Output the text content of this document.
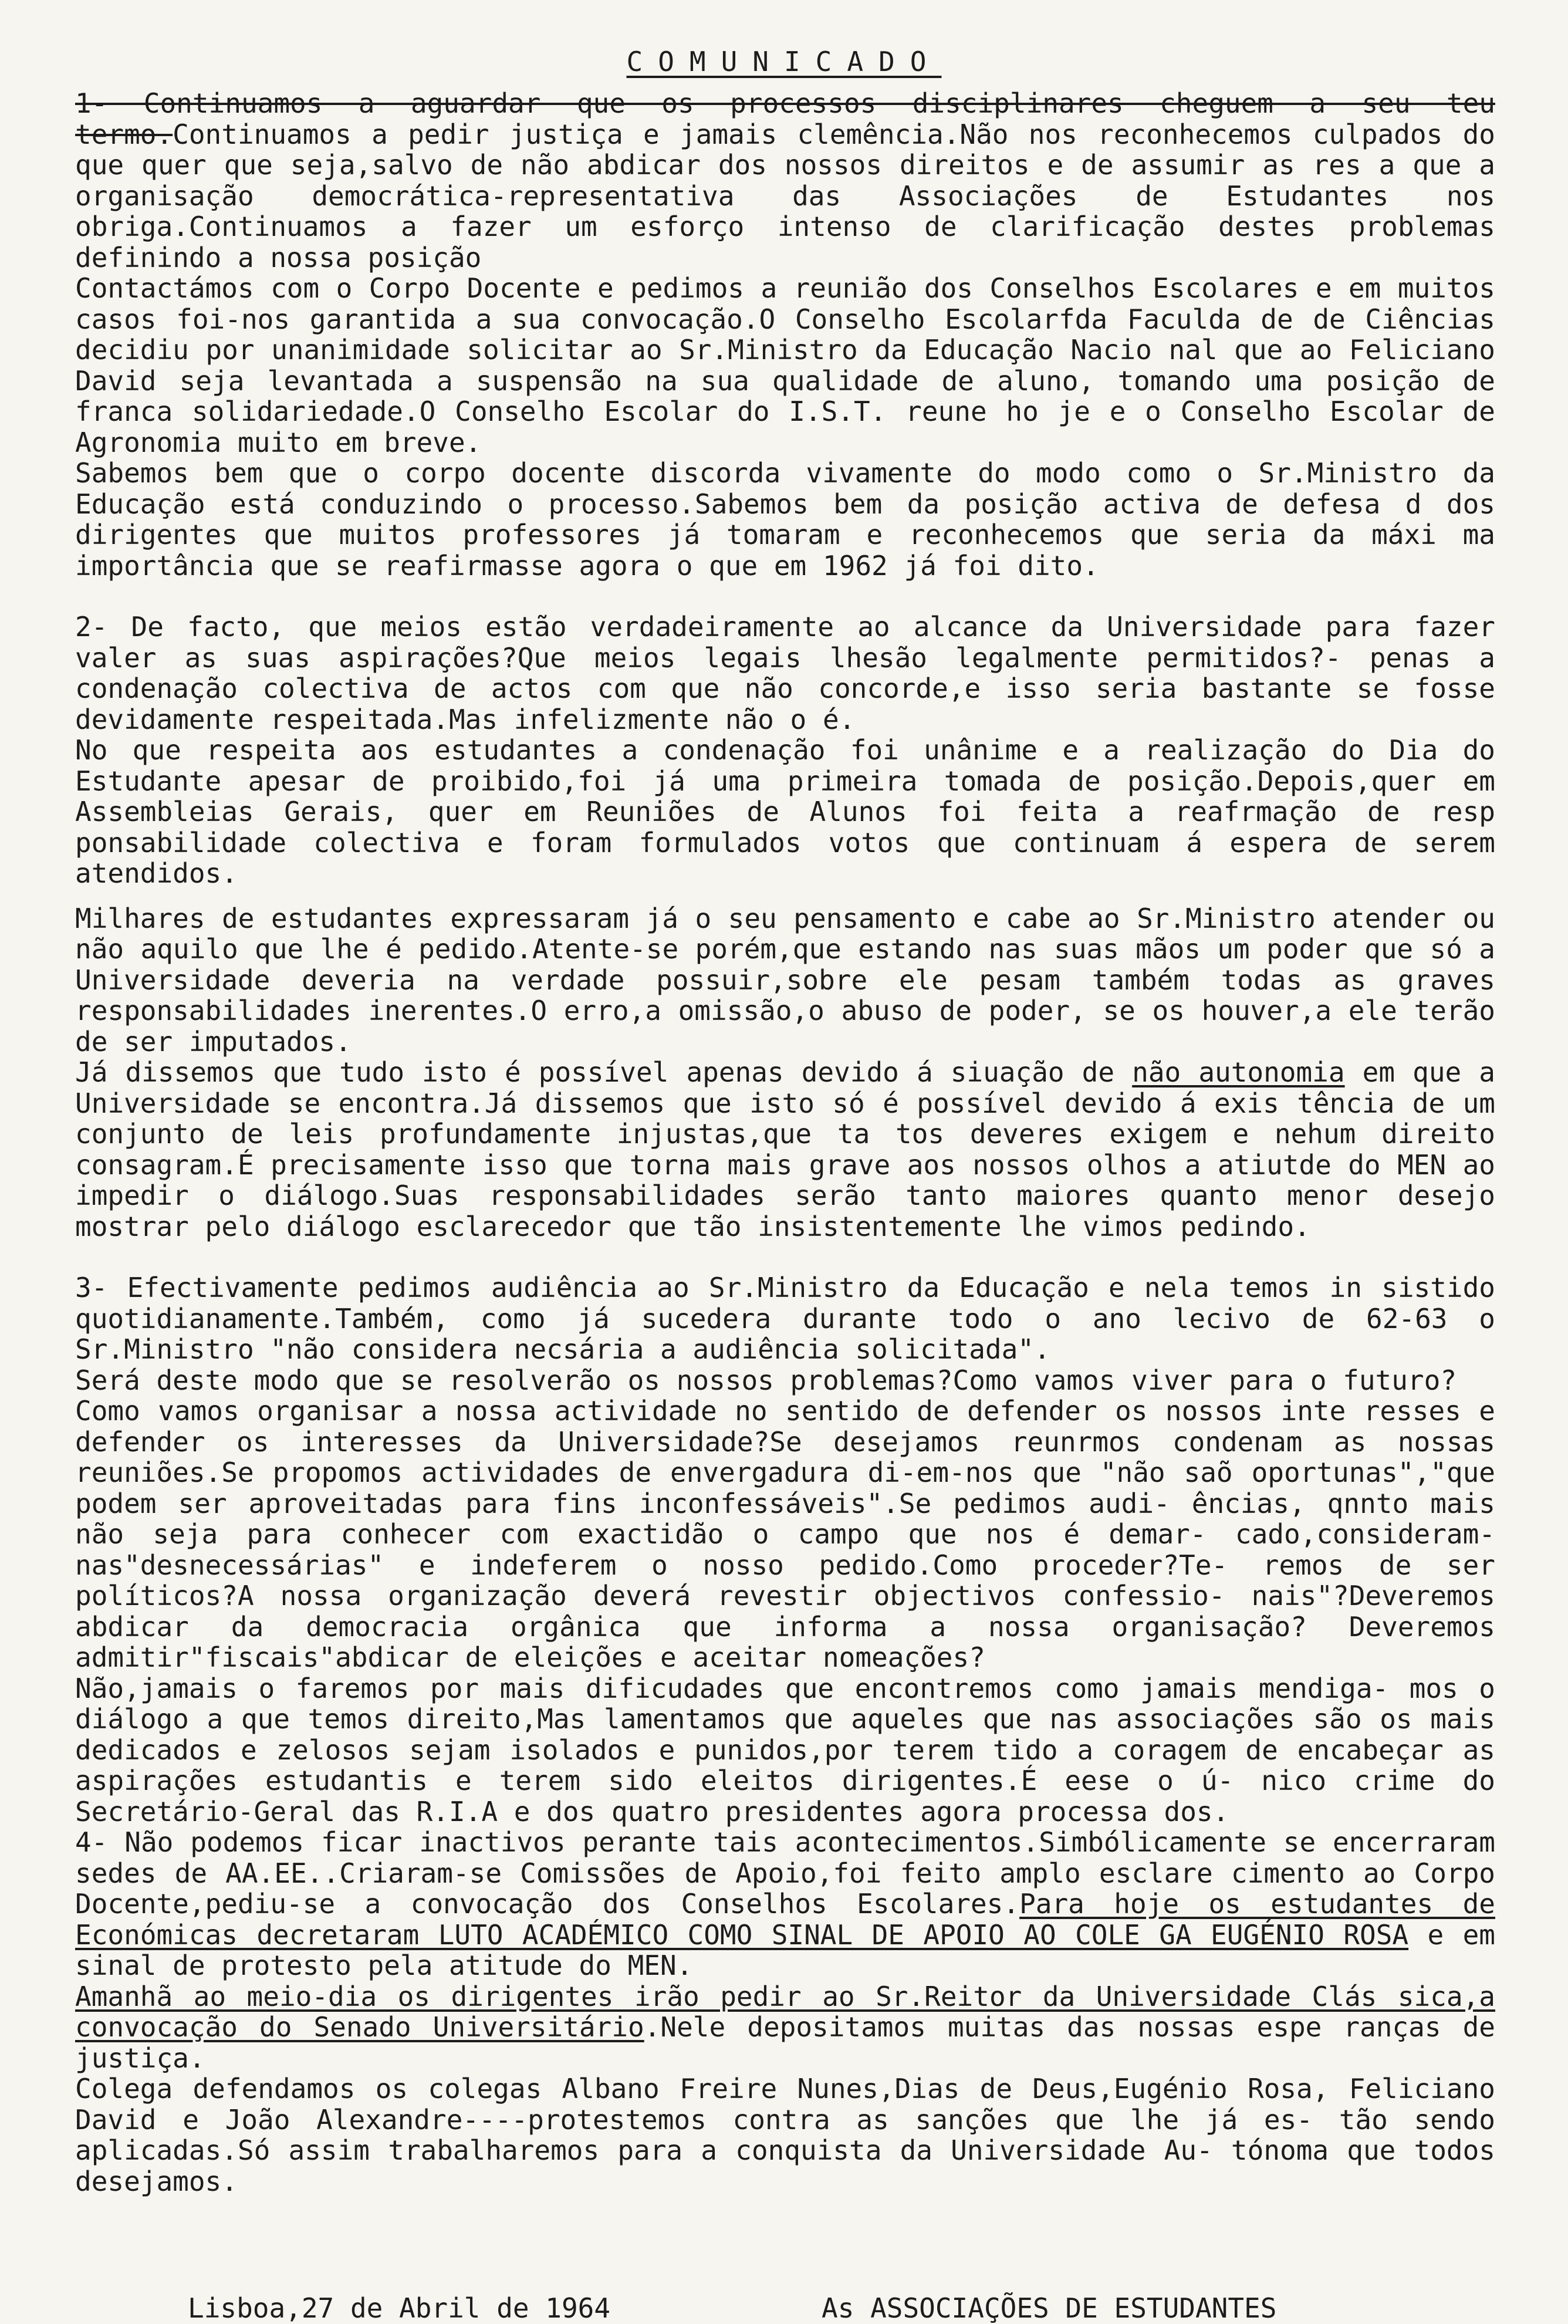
COMUNICADO

1- Continuamos a aguardar que os processos disciplinares cheguem a seu teu termo.Continuamos a pedir justiça e jamais clemência.Não nos reconhecemos culpados do que quer que seja,salvo de não abdicar dos nossos direitos e de assumir as res a que a organisação democrática-representativa das Associações de Estudantes nos obriga.Continuamos a fazer um esforço intenso de clarificação destes problemas definindo a nossa posição

Contactámos com o Corpo Docente e pedimos a reunião dos Conselhos Escolares e em muitos casos foi-nos garantida a sua convocação.O Conselho Escolarfda Faculda de de Ciências decidiu por unanimidade solicitar ao Sr.Ministro da Educação Nacio nal que ao Feliciano David seja levantada a suspensão na sua qualidade de aluno, tomando uma posição de franca solidariedade.O Conselho Escolar do I.S.T. reune ho je e o Conselho Escolar de Agronomia muito em breve.

Sabemos bem que o corpo docente discorda vivamente do modo como o Sr.Ministro da Educação está conduzindo o processo.Sabemos bem da posição activa de defesa d dos dirigentes que muitos professores já tomaram e reconhecemos que seria da máxi ma importância que se reafirmasse agora o que em 1962 já foi dito.

2- De facto, que meios estão verdadeiramente ao alcance da Universidade para fazer valer as suas aspirações?Que meios legais lhesão legalmente permitidos?- penas a condenação colectiva de actos com que não concorde,e isso seria bastante se fosse devidamente respeitada.Mas infelizmente não o é.

No que respeita aos estudantes a condenação foi unânime e a realização do Dia do Estudante apesar de proibido,foi já uma primeira tomada de posição.Depois,quer em Assembleias Gerais, quer em Reuniões de Alunos foi feita a reafrmação de resp ponsabilidade colectiva e foram formulados votos que continuam á espera de serem atendidos.

Milhares de estudantes expressaram já o seu pensamento e cabe ao Sr.Ministro atender ou não aquilo que lhe é pedido.Atente-se porém,que estando nas suas mãos um poder que só a Universidade deveria na verdade possuir,sobre ele pesam também todas as graves responsabilidades inerentes.O erro,a omissão,o abuso de poder, se os houver,a ele terão de ser imputados.

Já dissemos que tudo isto é possível apenas devido á siuação de não autonomia em que a Universidade se encontra.Já dissemos que isto só é possível devido á exis tência de um conjunto de leis profundamente injustas,que ta tos deveres exigem e nehum direito consagram.É precisamente isso que torna mais grave aos nossos olhos a atiutde do MEN ao impedir o diálogo.Suas responsabilidades serão tanto maiores quanto menor desejo mostrar pelo diálogo esclarecedor que tão insistentemente lhe vimos pedindo.

3- Efectivamente pedimos audiência ao Sr.Ministro da Educação e nela temos in sistido quotidianamente.Também, como já sucedera durante todo o ano lecivo de 62-63 o Sr.Ministro "não considera necsária a audiência solicitada".

Será deste modo que se resolverão os nossos problemas?Como vamos viver para o futuro?

Como vamos organisar a nossa actividade no sentido de defender os nossos inte resses e defender os interesses da Universidade?Se desejamos reunrmos condenam as nossas reuniões.Se propomos actividades de envergadura di-em-nos que "não saõ oportunas","que podem ser aproveitadas para fins inconfessáveis".Se pedimos audi- ências, qnnto mais não seja para conhecer com exactidão o campo que nos é demar- cado,consideram-nas"desnecessárias" e indeferem o nosso pedido.Como proceder?Te- remos de ser políticos?A nossa organização deverá revestir objectivos confessio- nais"?Deveremos abdicar da democracia orgânica que informa a nossa organisação? Deveremos admitir"fiscais"abdicar de eleições e aceitar nomeações?

Não,jamais o faremos por mais dificudades que encontremos como jamais mendiga- mos o diálogo a que temos direito,Mas lamentamos que aqueles que nas associações são os mais dedicados e zelosos sejam isolados e punidos,por terem tido a coragem de encabeçar as aspirações estudantis e terem sido eleitos dirigentes.É eese o ú- nico crime do Secretário-Geral das R.I.A e dos quatro presidentes agora processa dos.

4- Não podemos ficar inactivos perante tais acontecimentos.Simbólicamente se encerraram sedes de AA.EE..Criaram-se Comissões de Apoio,foi feito amplo esclare cimento ao Corpo Docente,pediu-se a convocação dos Conselhos Escolares.Para hoje os estudantes de Económicas decretaram LUTO ACADÉMICO COMO SINAL DE APOIO AO COLE GA EUGÉNIO ROSA e em sinal de protesto pela atitude do MEN.

Amanhã ao meio-dia os dirigentes irão pedir ao Sr.Reitor da Universidade Clás sica,a convocação do Senado Universitário.Nele depositamos muitas das nossas espe ranças de justiça.

Colega defendamos os colegas Albano Freire Nunes,Dias de Deus,Eugénio Rosa, Feliciano David e João Alexandre----protestemos contra as sanções que lhe já es- tão sendo aplicadas.Só assim trabalharemos para a conquista da Universidade Au- tónoma que todos desejamos.

Lisboa,27 de Abril de 1964	As ASSOCIAÇÕES DE ESTUDANTES
